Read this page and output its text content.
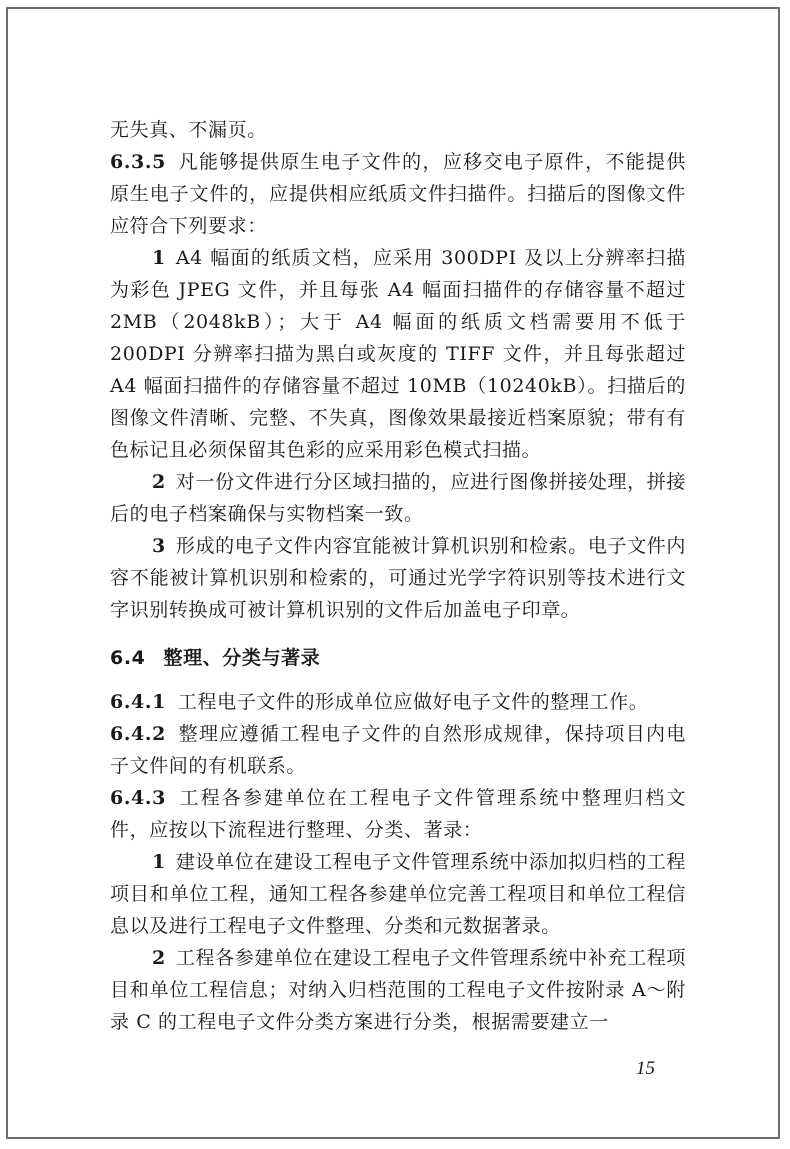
无失真、不漏页。

6.3.5 凡能够提供原生电子文件的，应移交电子原件，不能提供原生电子文件的，应提供相应纸质文件扫描件。扫描后的图像文件应符合下列要求：

1 A4 幅面的纸质文档，应采用 300DPI 及以上分辨率扫描为彩色 JPEG 文件，并且每张 A4 幅面扫描件的存储容量不超过 2MB（2048kB）；大于 A4 幅面的纸质文档需要用不低于 200DPI 分辨率扫描为黑白或灰度的 TIFF 文件，并且每张超过 A4 幅面扫描件的存储容量不超过 10MB（10240kB）。扫描后的图像文件清晰、完整、不失真，图像效果最接近档案原貌；带有有色标记且必须保留其色彩的应采用彩色模式扫描。

2 对一份文件进行分区域扫描的，应进行图像拼接处理，拼接后的电子档案确保与实物档案一致。

3 形成的电子文件内容宜能被计算机识别和检索。电子文件内容不能被计算机识别和检索的，可通过光学字符识别等技术进行文字识别转换成可被计算机识别的文件后加盖电子印章。

6.4 整理、分类与著录

6.4.1 工程电子文件的形成单位应做好电子文件的整理工作。

6.4.2 整理应遵循工程电子文件的自然形成规律，保持项目内电子文件间的有机联系。

6.4.3 工程各参建单位在工程电子文件管理系统中整理归档文件，应按以下流程进行整理、分类、著录：

1 建设单位在建设工程电子文件管理系统中添加拟归档的工程项目和单位工程，通知工程各参建单位完善工程项目和单位工程信息以及进行工程电子文件整理、分类和元数据著录。

2 工程各参建单位在建设工程电子文件管理系统中补充工程项目和单位工程信息；对纳入归档范围的工程电子文件按附录 A～附录 C 的工程电子文件分类方案进行分类，根据需要建立一

15
